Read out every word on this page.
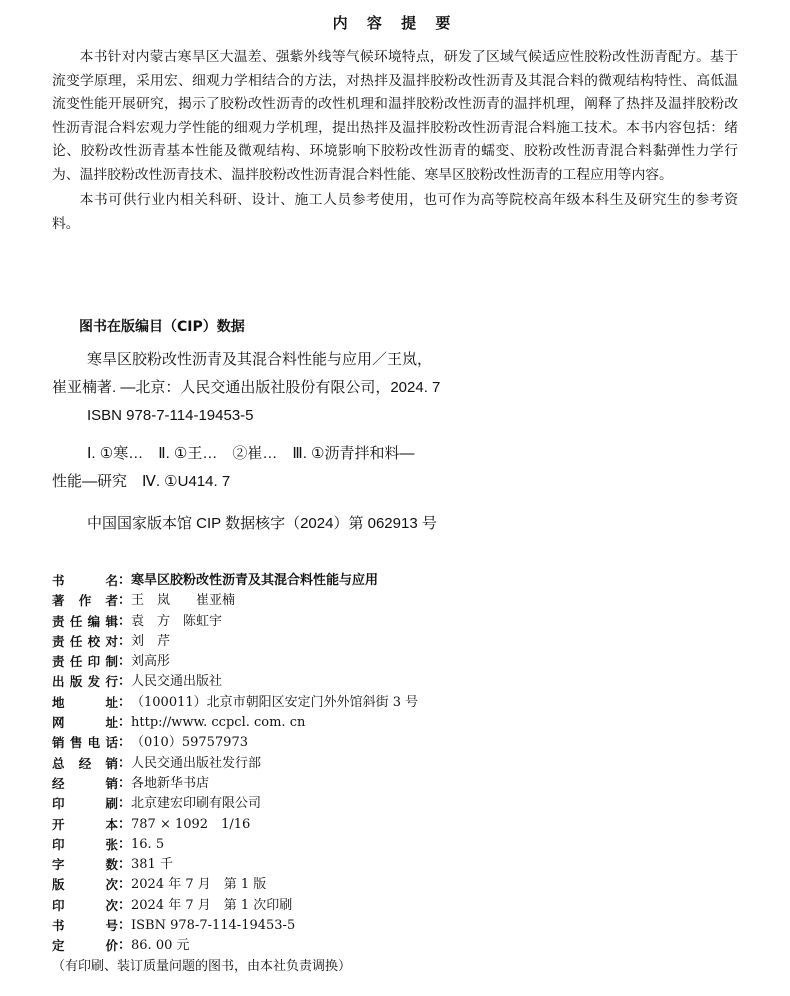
内 容 提 要

本书针对内蒙古寒旱区大温差、强紫外线等气候环境特点，研发了区域气候适应性胶粉改性沥青配方。基于流变学原理，采用宏、细观力学相结合的方法，对热拌及温拌胶粉改性沥青及其混合料的微观结构特性、高低温流变性能开展研究，揭示了胶粉改性沥青的改性机理和温拌胶粉改性沥青的温拌机理，阐释了热拌及温拌胶粉改性沥青混合料宏观力学性能的细观力学机理，提出热拌及温拌胶粉改性沥青混合料施工技术。本书内容包括：绪论、胶粉改性沥青基本性能及微观结构、环境影响下胶粉改性沥青的蠕变、胶粉改性沥青混合料黏弹性力学行为、温拌胶粉改性沥青技术、温拌胶粉改性沥青混合料性能、寒旱区胶粉改性沥青的工程应用等内容。

本书可供行业内相关科研、设计、施工人员参考使用，也可作为高等院校高年级本科生及研究生的参考资料。

图书在版编目（CIP）数据
寒旱区胶粉改性沥青及其混合料性能与应用／王岚，
崔亚楠著. —北京：人民交通出版社股份有限公司，2024. 7
ISBN 978-7-114-19453-5
Ⅰ. ①寒…　Ⅱ. ①王…　②崔…　Ⅲ. ①沥青拌和料—
性能—研究　Ⅳ. ①U414. 7
中国国家版本馆 CIP 数据核字（2024）第 062913 号
书名 ： 寒旱区胶粉改性沥青及其混合料性能与应用
著作者 ： 王　岚　　崔亚楠
责任编辑 ： 袁　方　陈虹宇
责任校对 ： 刘　芹
责任印制 ： 刘高彤
出版发行 ： 人民交通出版社
地址 ： （100011）北京市朝阳区安定门外外馆斜街 3 号
网址 ： http://www. ccpcl. com. cn
销售电话 ： （010）59757973
总经销 ： 人民交通出版社发行部
经销 ： 各地新华书店
印刷 ： 北京建宏印刷有限公司
开本 ： 787 × 1092　1/16
印张 ： 16. 5
字数 ： 381 千
版次 ： 2024 年 7 月　第 1 版
印次 ： 2024 年 7 月　第 1 次印刷
书号 ： ISBN 978-7-114-19453-5
定价 ： 86. 00 元
（有印刷、装订质量问题的图书，由本社负责调换）
